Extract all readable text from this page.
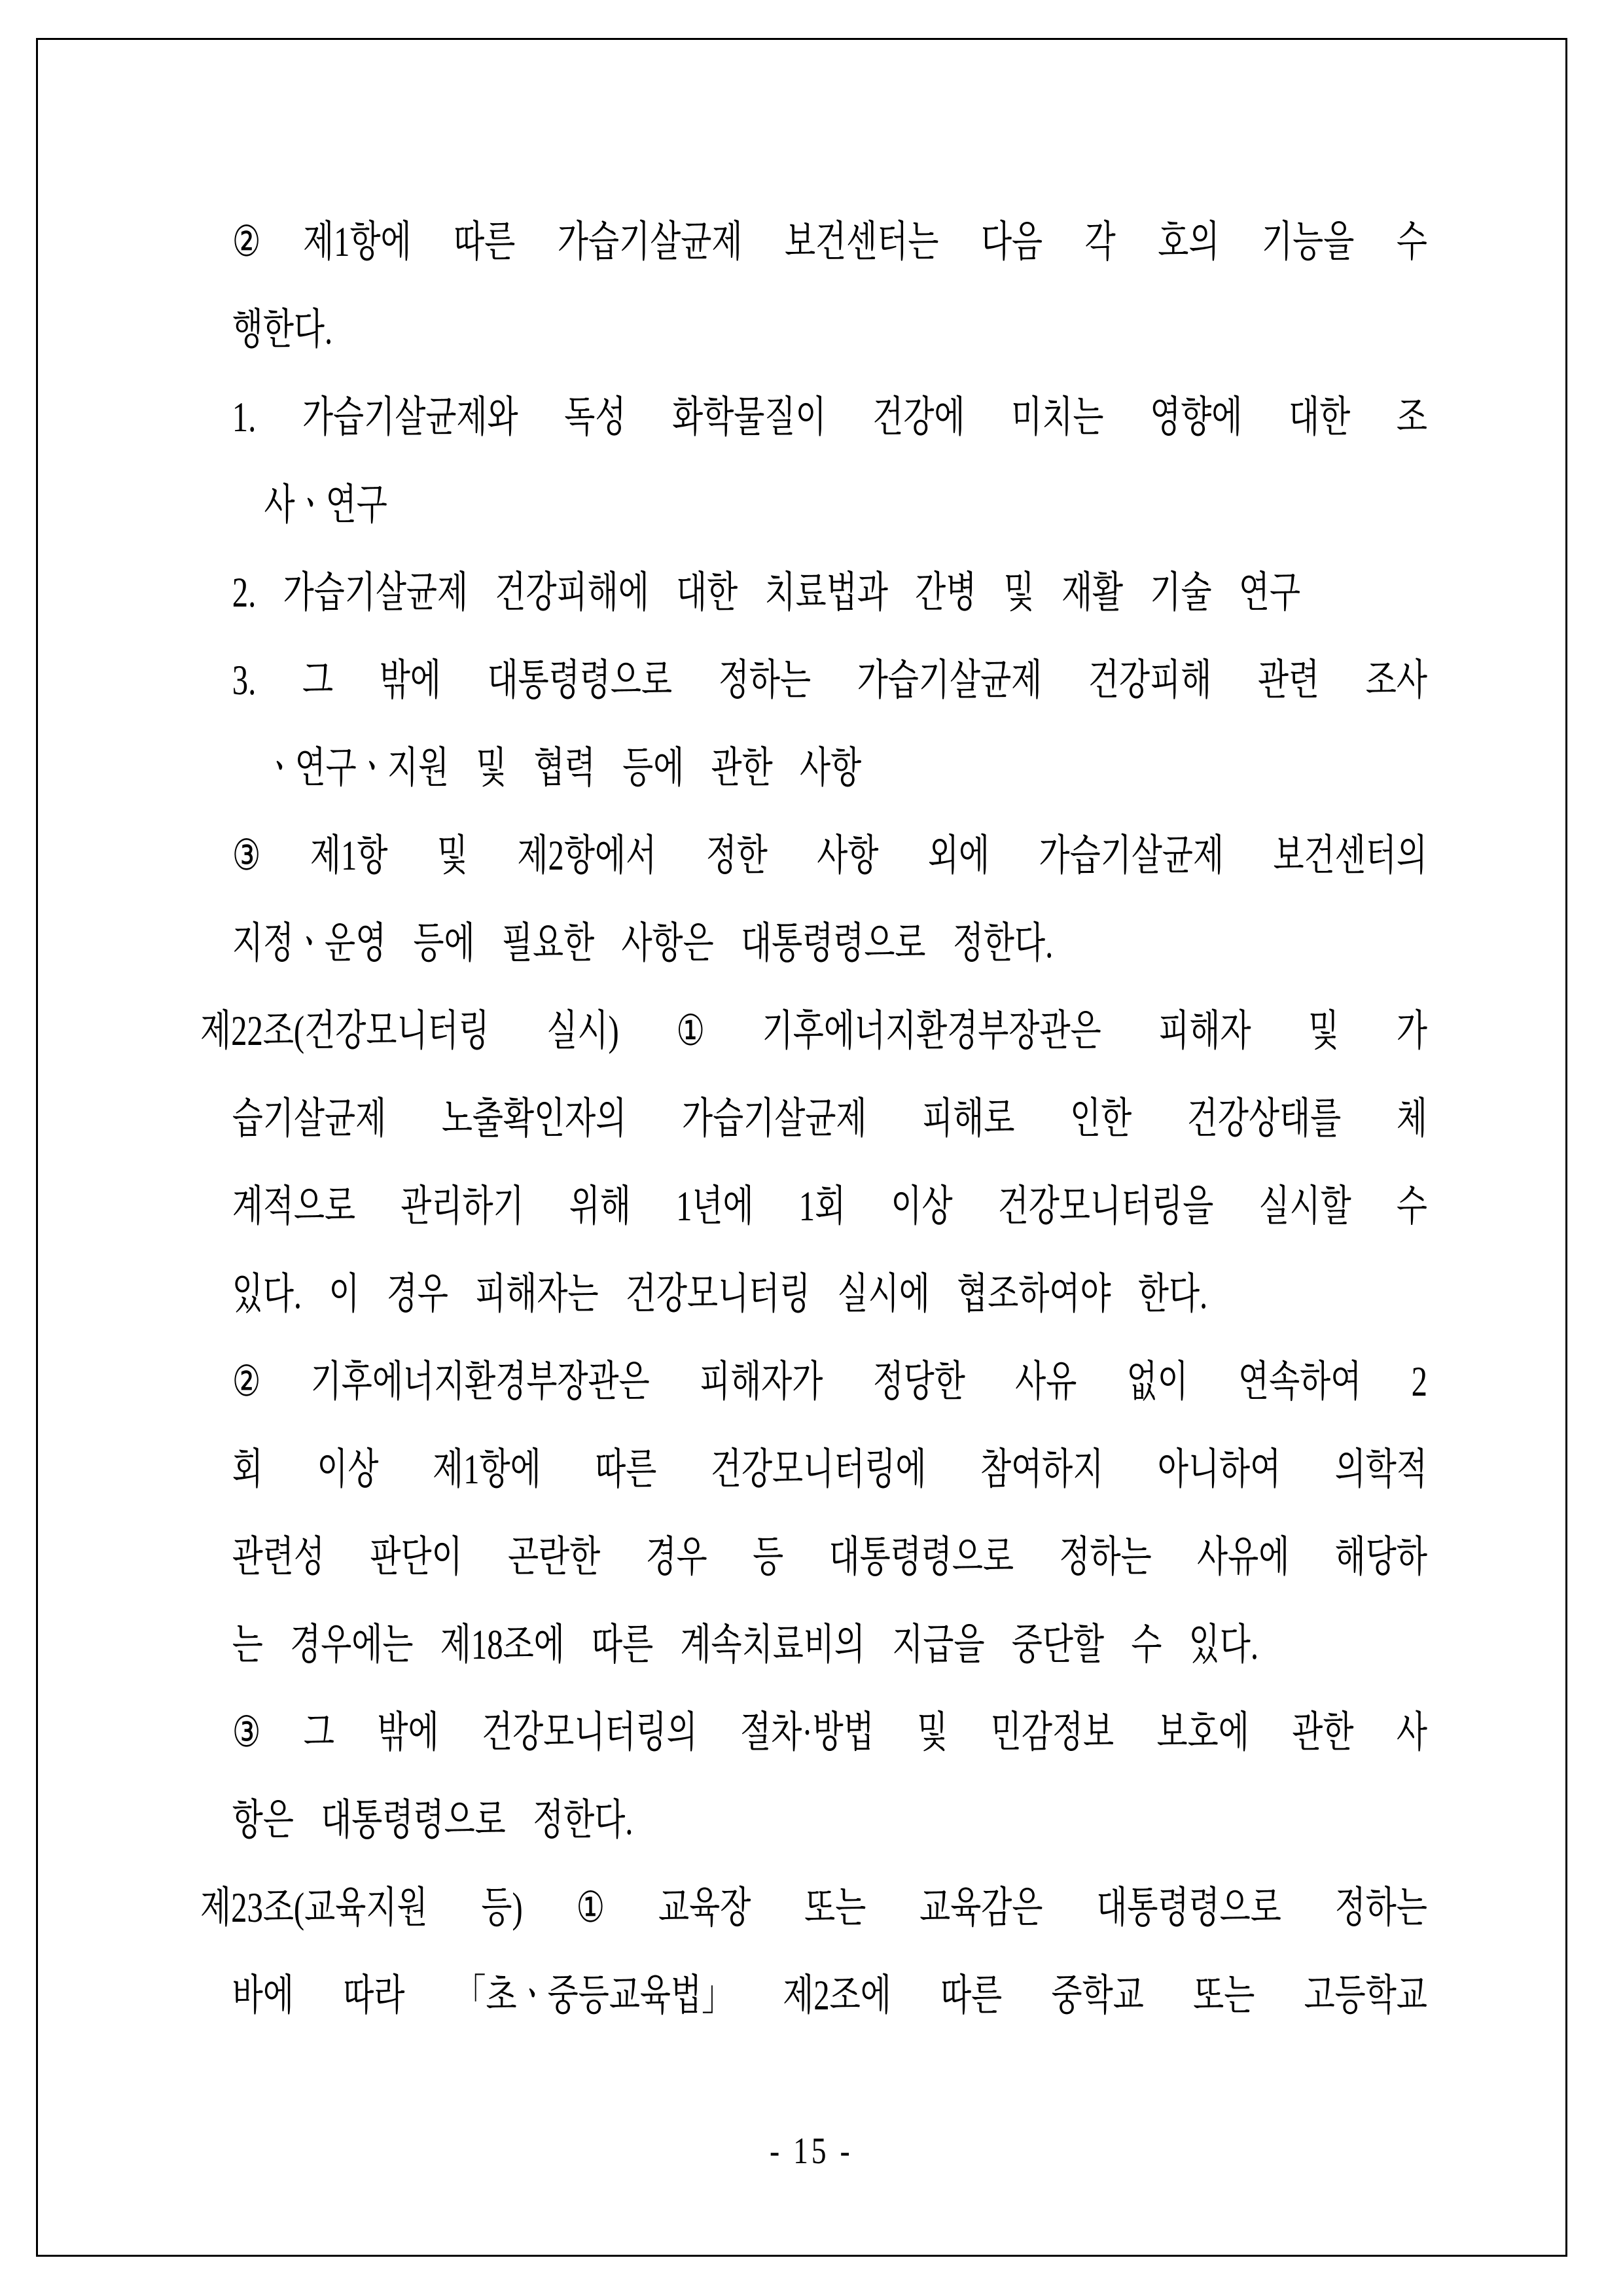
② 제1항에 따른 가습기살균제 보건센터는 다음 각 호의 기능을 수
행한다.
1. 가습기살균제와 독성 화학물질이 건강에 미치는 영향에 대한 조
사ㆍ연구
2. 가습기살균제 건강피해에 대한 치료법과 간병 및 재활 기술 연구
3. 그 밖에 대통령령으로 정하는 가습기살균제 건강피해 관련 조사
ㆍ연구ㆍ지원 및 협력 등에 관한 사항
③ 제1항 및 제2항에서 정한 사항 외에 가습기살균제 보건센터의
지정ㆍ운영 등에 필요한 사항은 대통령령으로 정한다.
제22조(건강모니터링 실시) ① 기후에너지환경부장관은 피해자 및 가
습기살균제 노출확인자의 가습기살균제 피해로 인한 건강상태를 체
계적으로 관리하기 위해 1년에 1회 이상 건강모니터링을 실시할 수
있다. 이 경우 피해자는 건강모니터링 실시에 협조하여야 한다.
② 기후에너지환경부장관은 피해자가 정당한 사유 없이 연속하여 2
회 이상 제1항에 따른 건강모니터링에 참여하지 아니하여 의학적
관련성 판단이 곤란한 경우 등 대통령령으로 정하는 사유에 해당하
는 경우에는 제18조에 따른 계속치료비의 지급을 중단할 수 있다.
③ 그 밖에 건강모니터링의 절차·방법 및 민감정보 보호에 관한 사
항은 대통령령으로 정한다.
제23조(교육지원 등) ① 교육장 또는 교육감은 대통령령으로 정하는
바에 따라 「초ㆍ중등교육법」 제2조에 따른 중학교 또는 고등학교
- 15 -
